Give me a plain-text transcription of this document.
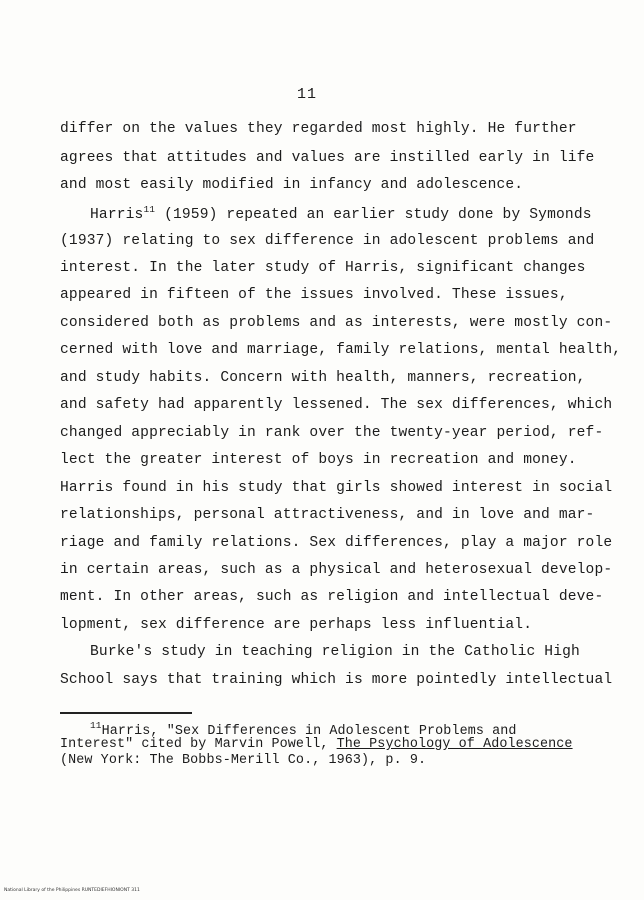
11
differ on the values they regarded most highly. He further
agrees that attitudes and values are instilled early in life
and most easily modified in infancy and adolescence.
Harris$^{11}$ (1959) repeated an earlier study done by Symonds
(1937) relating to sex difference in adolescent problems and
interest. In the later study of Harris, significant changes
appeared in fifteen of the issues involved. These issues,
considered both as problems and as interests, were mostly con-
cerned with love and marriage, family relations, mental health,
and study habits. Concern with health, manners, recreation,
and safety had apparently lessened. The sex differences, which
changed appreciably in rank over the twenty-year period, ref-
lect the greater interest of boys in recreation and money.
Harris found in his study that girls showed interest in social
relationships, personal attractiveness, and in love and mar-
riage and family relations. Sex differences, play a major role
in certain areas, such as a physical and heterosexual develop-
ment. In other areas, such as religion and intellectual deve-
lopment, sex difference are perhaps less influential.
Burke's study in teaching religion in the Catholic High
School says that training which is more pointedly intellectual
$^{11}$Harris, "Sex Differences in Adolescent Problems and
Interest" cited by Marvin Powell, The Psychology of Adolescence
(New York: The Bobbs-Merill Co., 1963), p. 9.
National Library of the Philippines RUNTEDIEFHIONIONT 311
